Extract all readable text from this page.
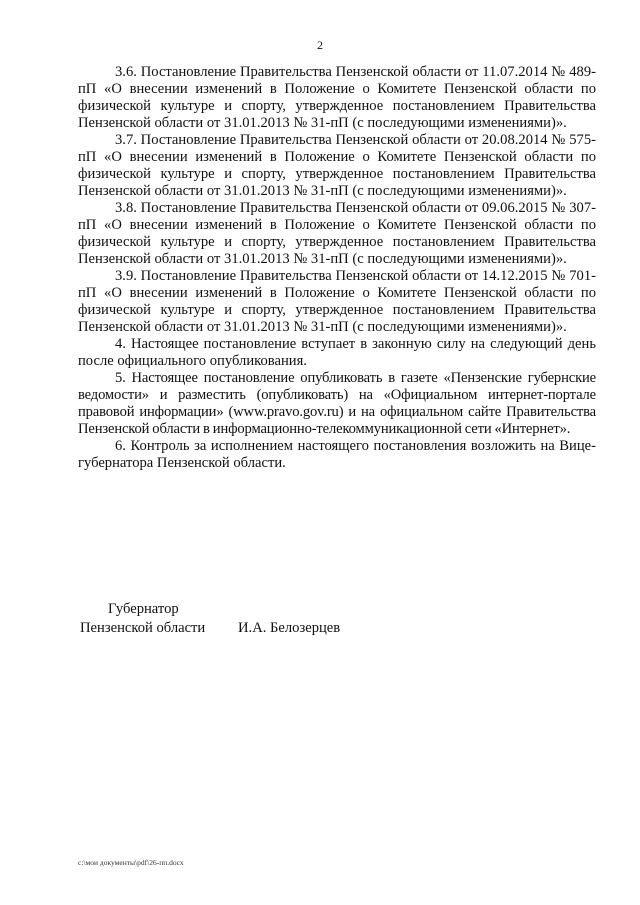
2

3.6. Постановление Правительства Пензенской области от 11.07.2014 № 489-пП «О внесении изменений в Положение о Комитете Пензенской области по физической культуре и спорту, утвержденное постановлением Правительства Пензенской области от 31.01.2013 № 31-пП (с последующими изменениями)».

3.7. Постановление Правительства Пензенской области от 20.08.2014 № 575-пП «О внесении изменений в Положение о Комитете Пензенской области по физической культуре и спорту, утвержденное постановлением Правительства Пензенской области от 31.01.2013 № 31-пП (с последующими изменениями)».

3.8. Постановление Правительства Пензенской области от 09.06.2015 № 307-пП «О внесении изменений в Положение о Комитете Пензенской области по физической культуре и спорту, утвержденное постановлением Правительства Пензенской области от 31.01.2013 № 31-пП (с последующими изменениями)».

3.9. Постановление Правительства Пензенской области от 14.12.2015 № 701-пП «О внесении изменений в Положение о Комитете Пензенской области по физической культуре и спорту, утвержденное постановлением Правительства Пензенской области от 31.01.2013 № 31-пП (с последующими изменениями)».

4. Настоящее постановление вступает в законную силу на следующий день после официального опубликования.

5. Настоящее постановление опубликовать в газете «Пензенские губернские ведомости» и разместить (опубликовать) на «Официальном интернет-портале правовой информации» (www.pravo.gov.ru) и на официальном сайте Правительства Пензенской области в информационно-телекоммуникационной сети «Интернет».

6. Контроль за исполнением настоящего постановления возложить на Вице-губернатора Пензенской области.

Губернатор
Пензенской области И.А. Белозерцев
c:\мои документы\pdf\26-пп.docx
